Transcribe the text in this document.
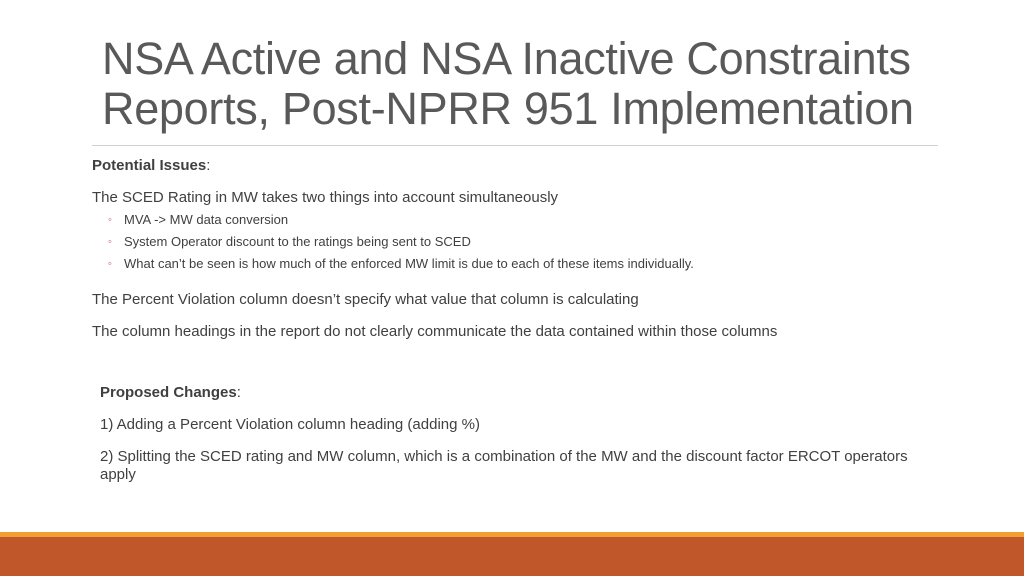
NSA Active and NSA Inactive Constraints
Reports, Post-NPRR 951 Implementation

Potential Issues:

The SCED Rating in MW takes two things into account simultaneously

◦ MVA -> MW data conversion
◦ System Operator discount to the ratings being sent to SCED
◦ What can’t be seen is how much of the enforced MW limit is due to each of these items individually.

The Percent Violation column doesn’t specify what value that column is calculating

The column headings in the report do not clearly communicate the data contained within those columns

Proposed Changes:

1) Adding a Percent Violation column heading (adding %)

2) Splitting the SCED rating and MW column, which is a combination of the MW and the discount factor ERCOT operators apply
